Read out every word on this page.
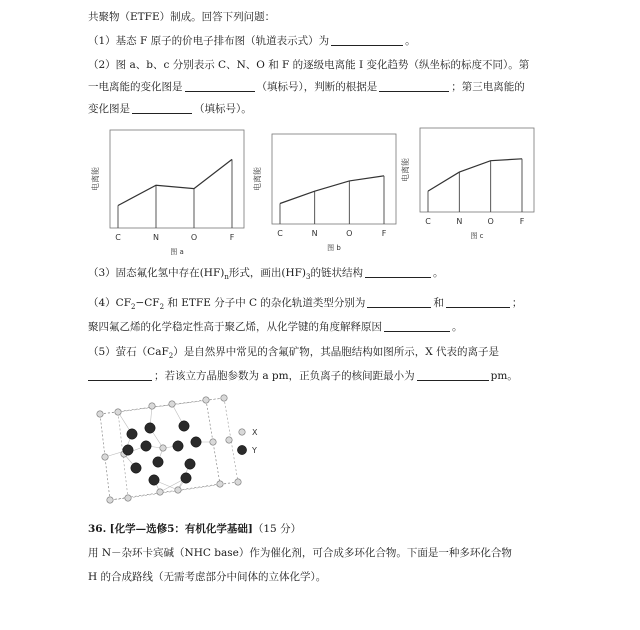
共聚物（ETFE）制成。回答下列问题：
（1）基态 F 原子的价电子排布图（轨道表示式）为	。
（2）图 a、b、c 分别表示 C、N、O 和 F 的逐级电离能 I 变化趋势（纵坐标的标度不同）。第
一电离能的变化图是	（填标号），判断的根据是	；第三电离能的
变化图是	（填标号）。
电离能
C	N	O	F
图 a
电离能
C	N	O	F
图 b
电离能
C	N	O	F
图 c
（3）固态氟化氢中存在$(HF)_n$形式，画出$(HF)_3$的链状结构	。
$(4)CF_2-CF_2$ 和 ETFE 分子中 C 的杂化轨道类型分别为	和	；
聚四氟乙烯的化学稳定性高于聚乙烯，从化学键的角度解释原因	。
（5）萤石（CaF$_2$）是自然界中常见的含氟矿物，其晶胞结构如图所示，X 代表的离子是
；若该立方晶胞参数为 a pm，正负离子的核间距最小为	pm。
X
Y
36. [化学—选修5：有机化学基础]（15 分）
用 N－杂环卡宾碱（NHC base）作为催化剂，可合成多环化合物。下面是一种多环化合物
H 的合成路线（无需考虑部分中间体的立体化学）。
